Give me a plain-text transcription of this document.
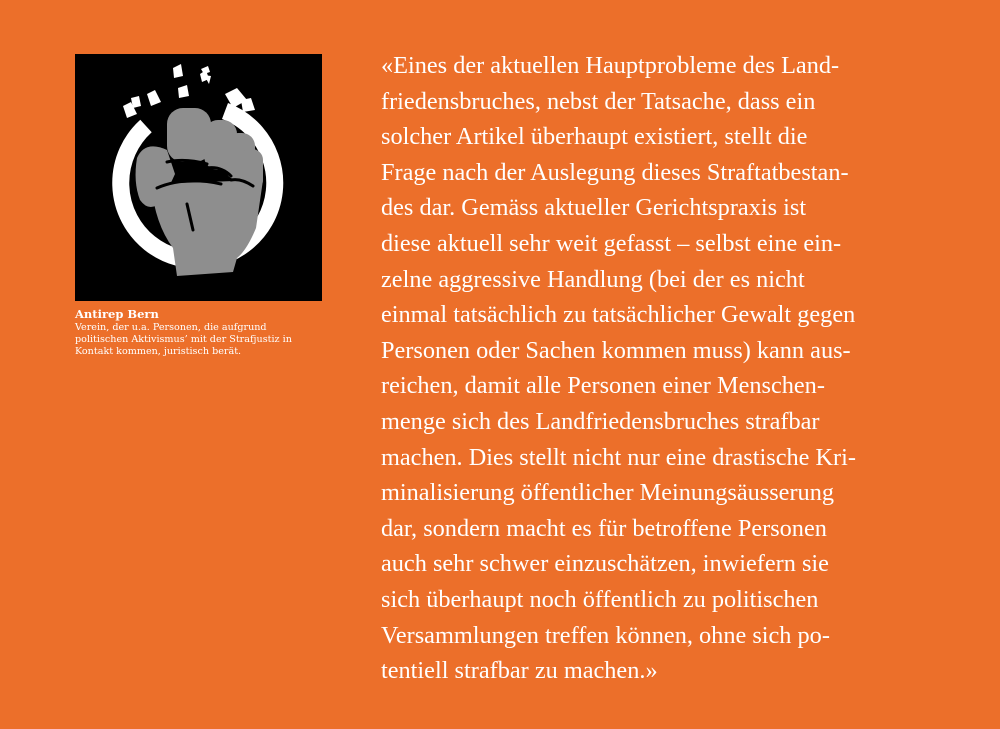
Antirep Bern

Verein, der u.a. Personen, die aufgrund
politischen Aktivismus’ mit der Strafjustiz in
Kontakt kommen, juristisch berät.

«Eines der aktuellen Hauptprobleme des Land-
friedensbruches, nebst der Tatsache, dass ein
solcher Artikel überhaupt existiert, stellt die
Frage nach der Auslegung dieses Straftatbestan-
des dar. Gemäss aktueller Gerichtspraxis ist
diese aktuell sehr weit gefasst – selbst eine ein-
zelne aggressive Handlung (bei der es nicht
einmal tatsächlich zu tatsächlicher Gewalt gegen
Personen oder Sachen kommen muss) kann aus-
reichen, damit alle Personen einer Menschen-
menge sich des Landfriedensbruches strafbar
machen. Dies stellt nicht nur eine drastische Kri-
minalisierung öffentlicher Meinungsäusserung
dar, sondern macht es für betroffene Personen
auch sehr schwer einzuschätzen, inwiefern sie
sich überhaupt noch öffentlich zu politischen
Versammlungen treffen können, ohne sich po-
tentiell strafbar zu machen.»
